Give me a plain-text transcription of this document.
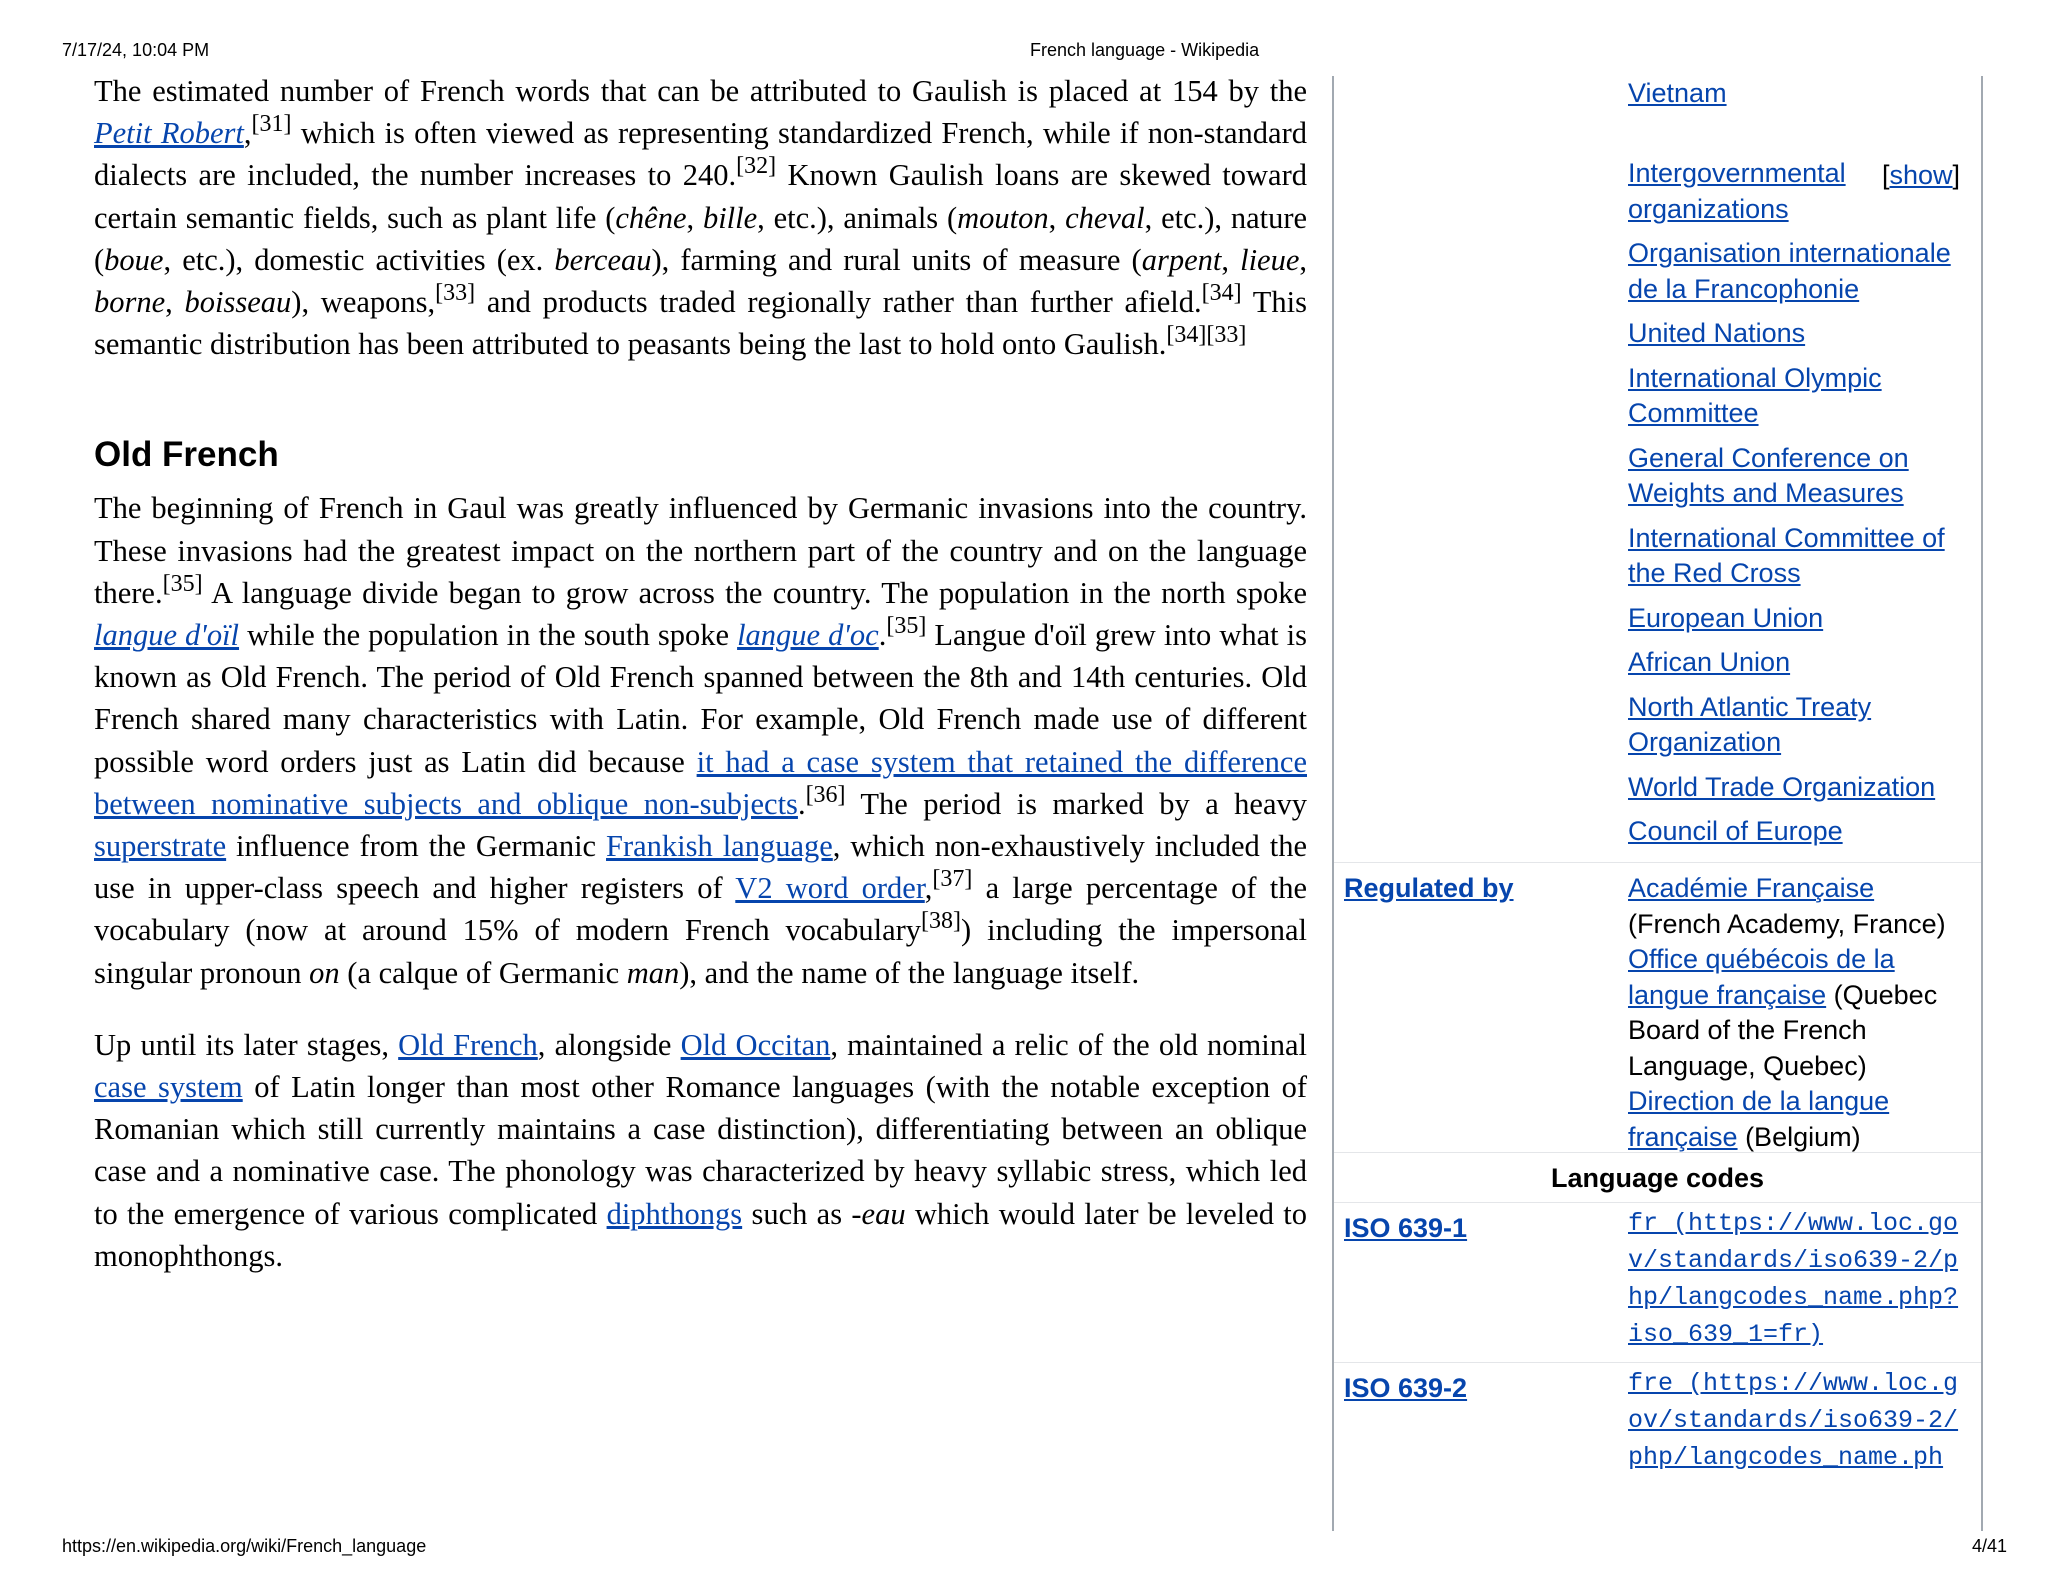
7/17/24, 10:04 PM	French language - Wikipedia

The estimated number of French words that can be attributed to Gaulish is placed at 154 by the Petit Robert,[31] which is often viewed as representing standardized French, while if non-standard dialects are included, the number increases to 240.[32] Known Gaulish loans are skewed toward certain semantic fields, such as plant life (chêne, bille, etc.), animals (mouton, cheval, etc.), nature (boue, etc.), domestic activities (ex. berceau), farming and rural units of measure (arpent, lieue, borne, boisseau), weapons,[33] and products traded regionally rather than further afield.[34] This semantic distribution has been attributed to peasants being the last to hold onto Gaulish.[34][33]

Old French

The beginning of French in Gaul was greatly influenced by Germanic invasions into the country. These invasions had the greatest impact on the northern part of the country and on the language there.[35] A language divide began to grow across the country. The population in the north spoke langue d'oïl while the population in the south spoke langue d'oc.[35] Langue d'oïl grew into what is known as Old French. The period of Old French spanned between the 8th and 14th centuries. Old French shared many characteristics with Latin. For example, Old French made use of different possible word orders just as Latin did because it had a case system that retained the difference between nominative subjects and oblique non-subjects.[36] The period is marked by a heavy superstrate influence from the Germanic Frankish language, which non-exhaustively included the use in upper-class speech and higher registers of V2 word order,[37] a large percentage of the vocabulary (now at around 15% of modern French vocabulary[38]) including the impersonal singular pronoun on (a calque of Germanic man), and the name of the language itself.

Up until its later stages, Old French, alongside Old Occitan, maintained a relic of the old nominal case system of Latin longer than most other Romance languages (with the notable exception of Romanian which still currently maintains a case distinction), differentiating between an oblique case and a nominative case. The phonology was characterized by heavy syllabic stress, which led to the emergence of various complicated diphthongs such as -eau which would later be leveled to monophthongs.

Vietnam
[show]
Intergovernmental organizations
Organisation internationale de la Francophonie
United Nations
International Olympic Committee
General Conference on Weights and Measures
International Committee of the Red Cross
European Union
African Union
North Atlantic Treaty Organization
World Trade Organization
Council of Europe
Regulated by	Académie Française
(French Academy, France)
Office québécois de la langue française (Quebec Board of the French Language, Quebec)
Direction de la langue française (Belgium)
Language codes
ISO 639-1	fr (https://www.loc.gov/standards/iso639-2/php/langcodes_name.php?iso_639_1=fr)
ISO 639-2	fre (https://www.loc.gov/standards/iso639-2/php/langcodes_name.ph
https://en.wikipedia.org/wiki/French_language	4/41
